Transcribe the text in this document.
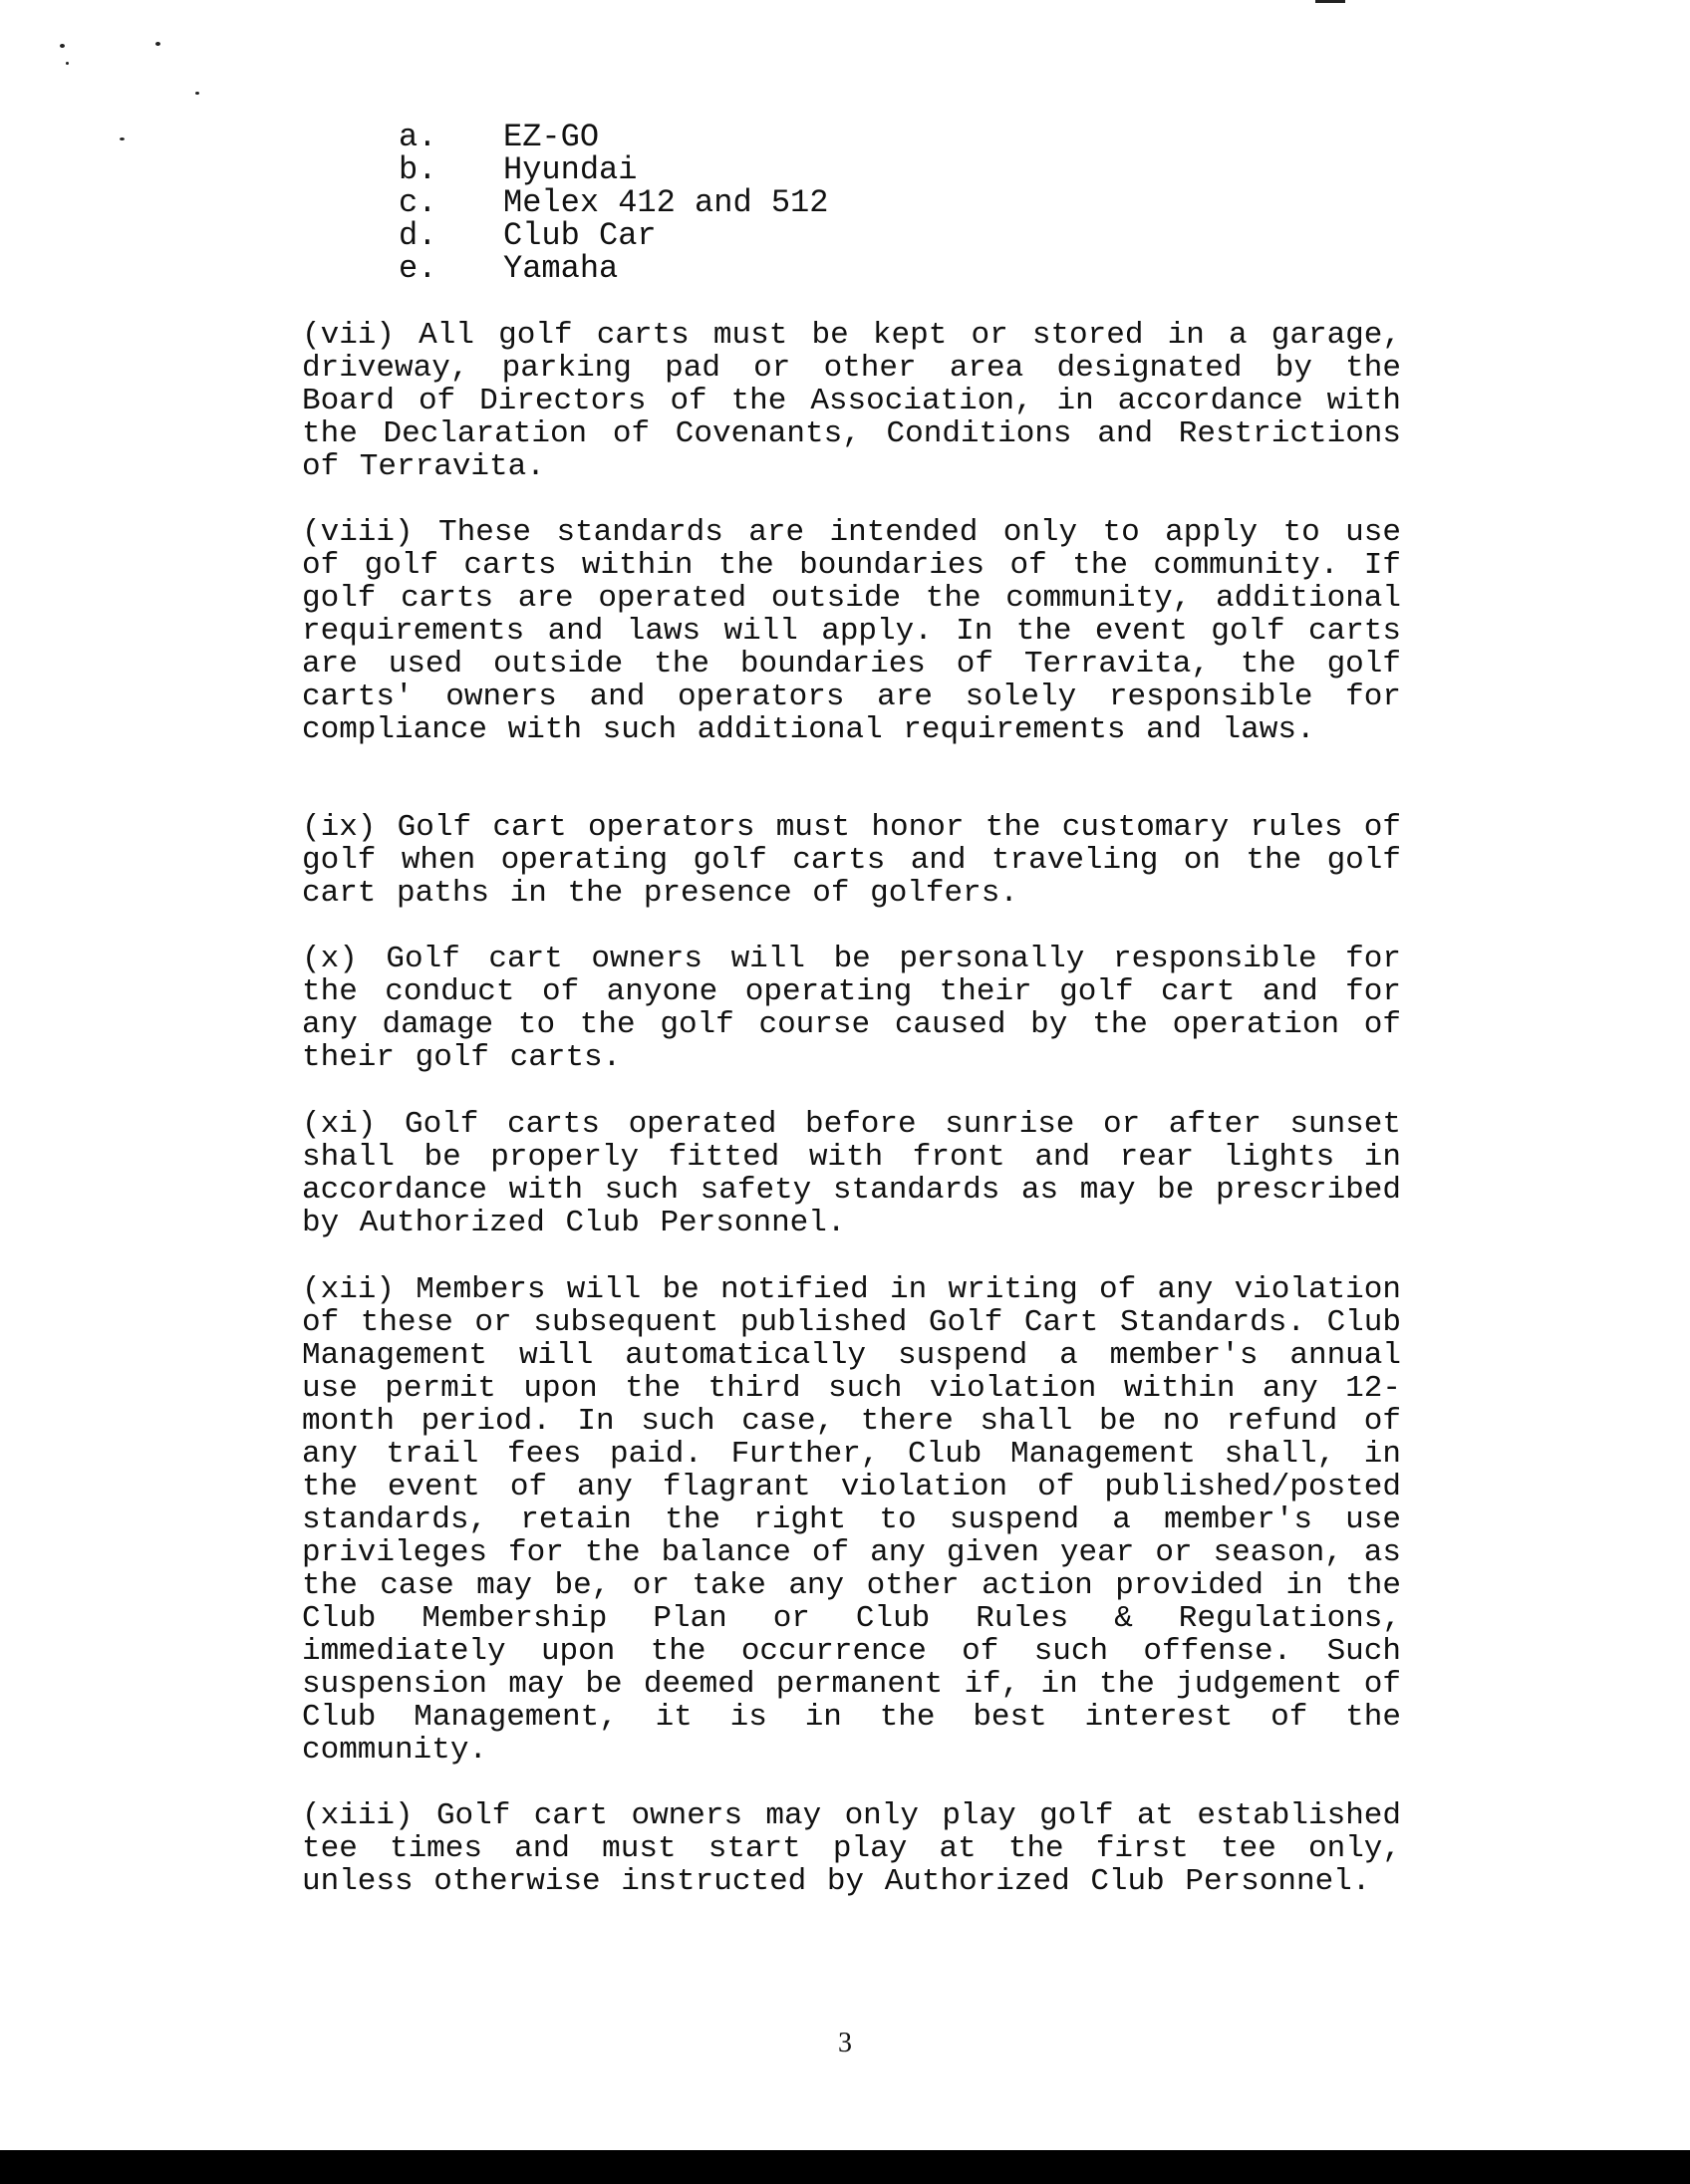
a.	EZ-GO
b.	Hyundai
c.	Melex 412 and 512
d.	Club Car
e.	Yamaha

(vii) All golf carts must be kept or stored in a garage, driveway, parking pad or other area designated by the Board of Directors of the Association, in accordance with the Declaration of Covenants, Conditions and Restrictions of Terravita.

(viii) These standards are intended only to apply to use of golf carts within the boundaries of the community. If golf carts are operated outside the community, additional requirements and laws will apply. In the event golf carts are used outside the boundaries of Terravita, the golf carts' owners and operators are solely responsible for compliance with such additional requirements and laws.

(ix) Golf cart operators must honor the customary rules of golf when operating golf carts and traveling on the golf cart paths in the presence of golfers.

(x) Golf cart owners will be personally responsible for the conduct of anyone operating their golf cart and for any damage to the golf course caused by the operation of their golf carts.

(xi) Golf carts operated before sunrise or after sunset shall be properly fitted with front and rear lights in accordance with such safety standards as may be prescribed by Authorized Club Personnel.

(xii) Members will be notified in writing of any violation of these or subsequent published Golf Cart Standards. Club Management will automatically suspend a member's annual use permit upon the third such violation within any 12-month period. In such case, there shall be no refund of any trail fees paid. Further, Club Management shall, in the event of any flagrant violation of published/posted standards, retain the right to suspend a member's use privileges for the balance of any given year or season, as the case may be, or take any other action provided in the Club Membership Plan or Club Rules & Regulations, immediately upon the occurrence of such offense. Such suspension may be deemed permanent if, in the judgement of Club Management, it is in the best interest of the community.

(xiii) Golf cart owners may only play golf at established tee times and must start play at the first tee only, unless otherwise instructed by Authorized Club Personnel.

3
